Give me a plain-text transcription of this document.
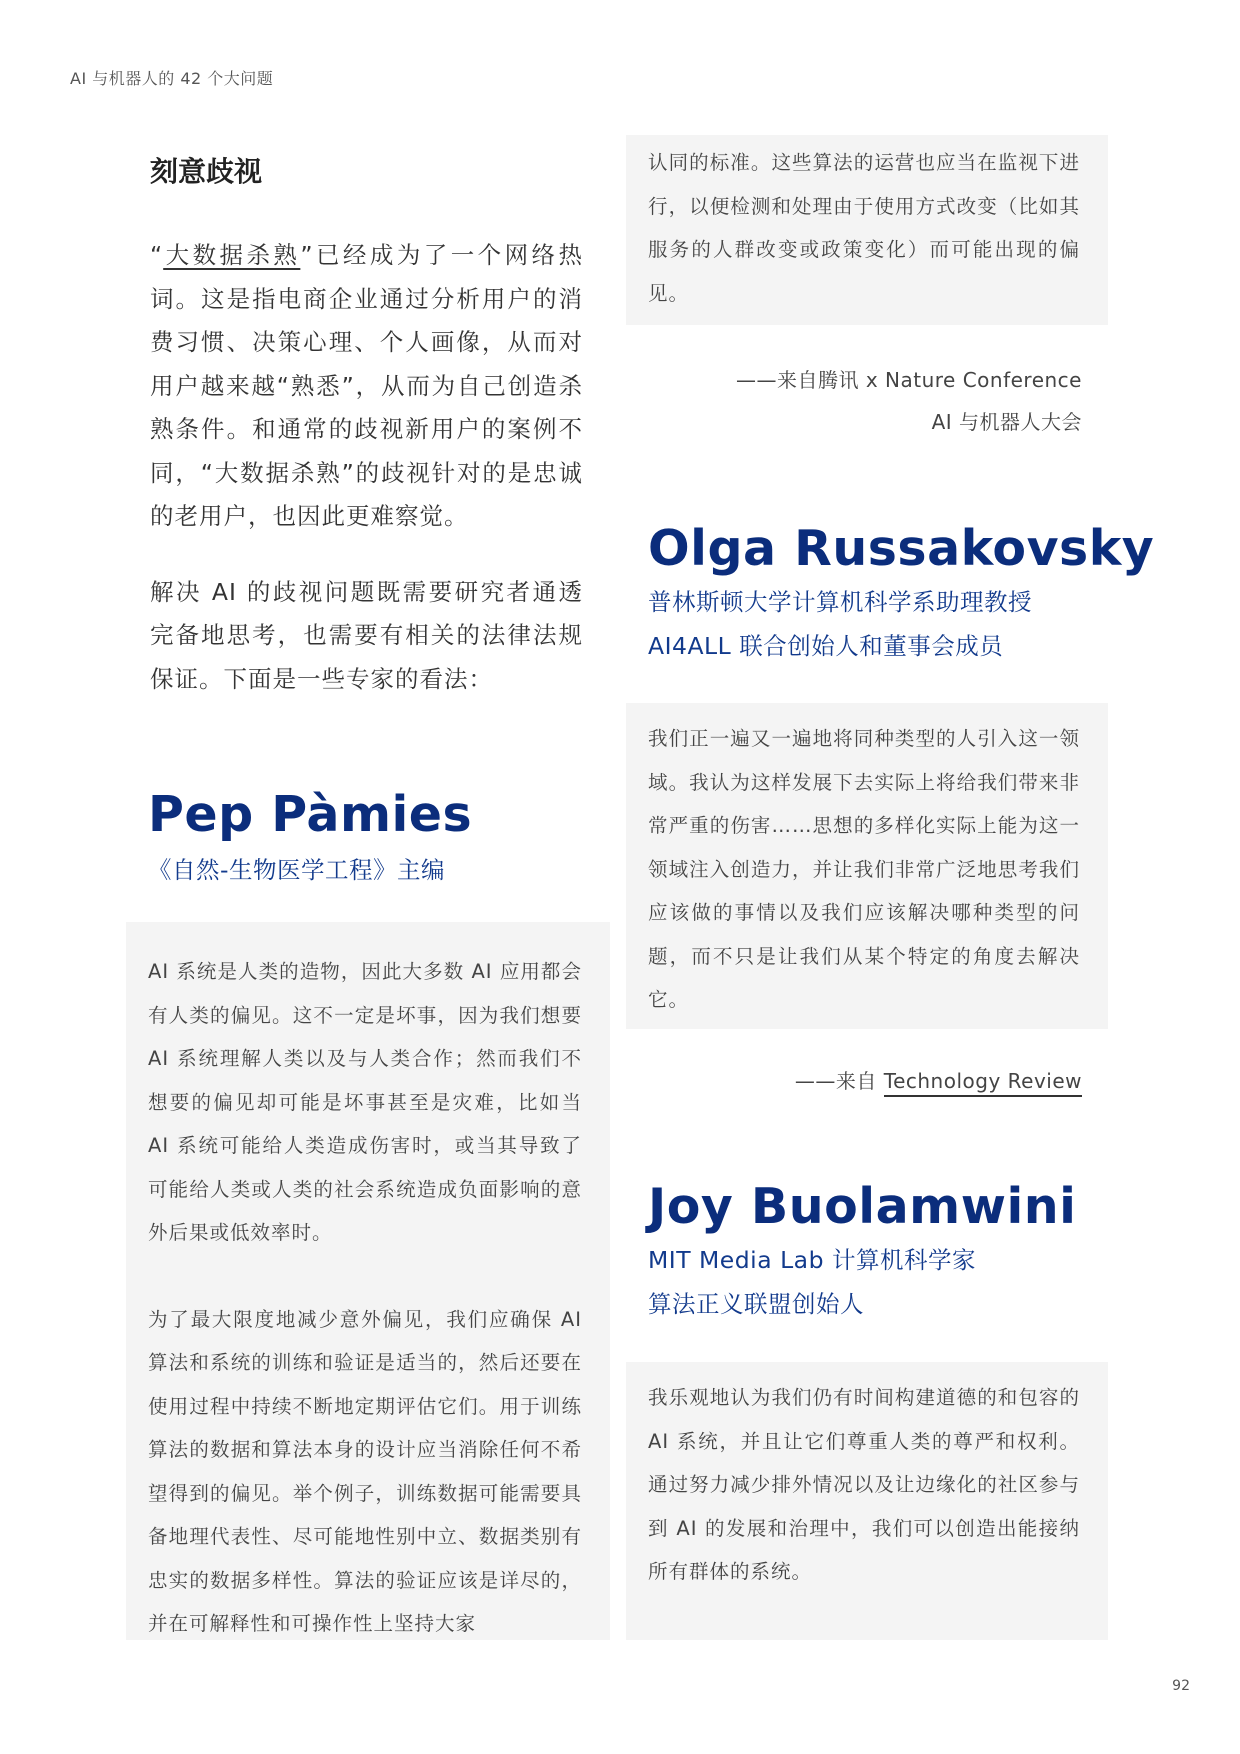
AI 与机器人的 42 个大问题
刻意歧视

“大数据杀熟”已经成为了一个网络热词。这是指电商企业通过分析用户的消费习惯、决策心理、个人画像，从而对用户越来越“熟悉”，从而为自己创造杀熟条件。和通常的歧视新用户的案例不同，“大数据杀熟”的歧视针对的是忠诚的老用户，也因此更难察觉。

解决 AI 的歧视问题既需要研究者通透完备地思考，也需要有相关的法律法规保证。下面是一些专家的看法：

Pep Pàmies
《自然-生物医学工程》主编

AI 系统是人类的造物，因此大多数 AI 应用都会有人类的偏见。这不一定是坏事，因为我们想要 AI 系统理解人类以及与人类合作；然而我们不想要的偏见却可能是坏事甚至是灾难，比如当 AI 系统可能给人类造成伤害时，或当其导致了可能给人类或人类的社会系统造成负面影响的意外后果或低效率时。

为了最大限度地减少意外偏见，我们应确保 AI 算法和系统的训练和验证是适当的，然后还要在使用过程中持续不断地定期评估它们。用于训练算法的数据和算法本身的设计应当消除任何不希望得到的偏见。举个例子，训练数据可能需要具备地理代表性、尽可能地性别中立、数据类别有忠实的数据多样性。算法的验证应该是详尽的，并在可解释性和可操作性上坚持大家

认同的标准。这些算法的运营也应当在监视下进行，以便检测和处理由于使用方式改变（比如其服务的人群改变或政策变化）而可能出现的偏见。

——来自腾讯 x Nature Conference
AI 与机器人大会
Olga Russakovsky
普林斯顿大学计算机科学系助理教授
AI4ALL 联合创始人和董事会成员

我们正一遍又一遍地将同种类型的人引入这一领域。我认为这样发展下去实际上将给我们带来非常严重的伤害……思想的多样化实际上能为这一领域注入创造力，并让我们非常广泛地思考我们应该做的事情以及我们应该解决哪种类型的问题，而不只是让我们从某个特定的角度去解决它。

——来自 Technology Review
Joy Buolamwini
MIT Media Lab 计算机科学家
算法正义联盟创始人

我乐观地认为我们仍有时间构建道德的和包容的 AI 系统，并且让它们尊重人类的尊严和权利。通过努力减少排外情况以及让边缘化的社区参与到 AI 的发展和治理中，我们可以创造出能接纳所有群体的系统。

92
